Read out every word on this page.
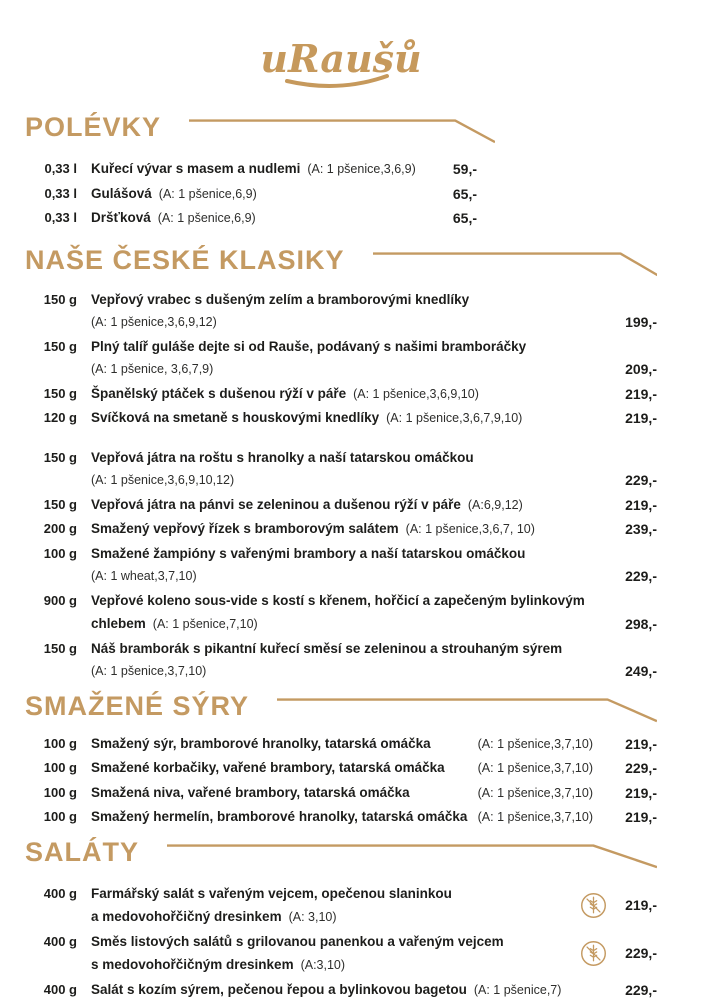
uRaušů
POLÉVKY
0,33 l	Kuřecí vývar s masem a nudlemi (A: 1 pšenice,3,6,9)	59,-
0,33 l	Gulášová (A: 1 pšenice,6,9)	65,-
0,33 l	Dršťková (A: 1 pšenice,6,9)	65,-
NAŠE ČESKÉ KLASIKY
150 g	Vepřový vrabec s dušeným zelím a bramborovými knedlíky
(A: 1 pšenice,3,6,9,12)	199,-
150 g	Plný talíř guláše dejte si od Rauše, podávaný s našimi bramboráčky
(A: 1 pšenice, 3,6,7,9)	209,-
150 g	Španělský ptáček s dušenou rýží v páře (A: 1 pšenice,3,6,9,10)	219,-
120 g	Svíčková na smetaně s houskovými knedlíky (A: 1 pšenice,3,6,7,9,10)	219,-
150 g	Vepřová játra na roštu s hranolky a naší tatarskou omáčkou
(A: 1 pšenice,3,6,9,10,12)	229,-
150 g	Vepřová játra na pánvi se zeleninou a dušenou rýží v páře (A:6,9,12)	219,-
200 g	Smažený vepřový řízek s bramborovým salátem (A: 1 pšenice,3,6,7, 10)	239,-
100 g	Smažené žampióny s vařenými brambory a naší tatarskou omáčkou
(A: 1 wheat,3,7,10)	229,-
900 g	Vepřové koleno sous-vide s kostí s křenem, hořčicí a zapečeným bylinkovým
chlebem (A: 1 pšenice,7,10)	298,-
150 g	Náš bramborák s pikantní kuřecí směsí se zeleninou a strouhaným sýrem
(A: 1 pšenice,3,7,10)	249,-
SMAŽENÉ SÝRY
100 g	Smažený sýr, bramborové hranolky, tatarská omáčka	(A: 1 pšenice,3,7,10)	219,-
100 g	Smažené korbačiky, vařené brambory, tatarská omáčka	(A: 1 pšenice,3,7,10)	229,-
100 g	Smažená niva, vařené brambory, tatarská omáčka	(A: 1 pšenice,3,7,10)	219,-
100 g	Smažený hermelín, bramborové hranolky, tatarská omáčka (A: 1 pšenice,3,7,10)	219,-
SALÁTY
400 g	Farmářský salát s vařeným vejcem, opečenou slaninkou
a medovohořčičný dresinkem (A: 3,10)
219,-
400 g	Směs listových salátů s grilovanou panenkou a vařeným vejcem
s medovohořčičným dresinkem (A:3,10)
229,-
400 g	Salát s kozím sýrem, pečenou řepou a bylinkovou bagetou (A: 1 pšenice,7)	229,-
